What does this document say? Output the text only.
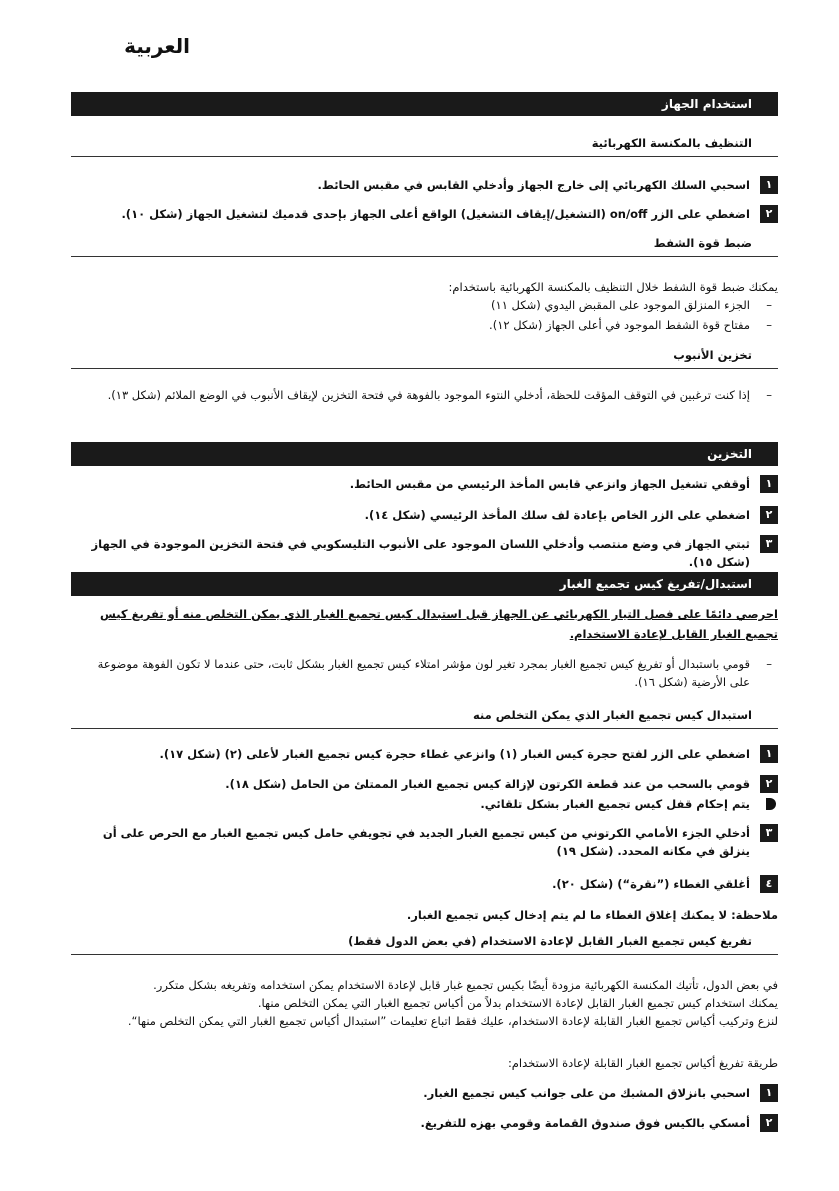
العربية
استخدام الجهاز
التنظيف بالمكنسة الكهربائية
١
اسحبي السلك الكهربائي إلى خارج الجهاز وأدخلي القابس في مقبس الحائط.
٢
اضغطي على الزر on/off (التشغيل/إيقاف التشغيل) الواقع أعلى الجهاز بإحدى قدميك لتشغيل الجهاز (شكل ١٠).
ضبط قوة الشفط
يمكنك ضبط قوة الشفط خلال التنظيف بالمكنسة الكهربائية باستخدام:
–
الجزء المنزلق الموجود على المقبض اليدوي (شكل ١١)
–
مفتاح قوة الشفط الموجود في أعلى الجهاز (شكل ١٢).
تخزين الأنبوب
–
إذا كنت ترغبين في التوقف المؤقت للحظة، أدخلي النتوء الموجود بالفوهة في فتحة التخزين لإيقاف الأنبوب في الوضع الملائم (شكل ١٣).
التخزين
١
أوقفي تشغيل الجهاز وانزعي قابس المأخذ الرئيسي من مقبس الحائط.
٢
اضغطي على الزر الخاص بإعادة لف سلك المأخذ الرئيسي (شكل ١٤).
٣
ثبتي الجهاز في وضع منتصب وأدخلي اللسان الموجود على الأنبوب التليسكوبي في فتحة التخزين الموجودة في الجهاز (شكل ١٥).
استبدال/تفريغ كيس تجميع الغبار
احرصي دائمًا على فصل التيار الكهربائي عن الجهاز قبل استبدال كيس تجميع الغبار الذي يمكن التخلص منه أو تفريغ كيس تجميع الغبار القابل لإعادة الاستخدام.
–
قومي باستبدال أو تفريغ كيس تجميع الغبار بمجرد تغير لون مؤشر امتلاء كيس تجميع الغبار بشكل ثابت، حتى عندما لا تكون الفوهة موضوعة على الأرضية (شكل ١٦).
استبدال كيس تجميع الغبار الذي يمكن التخلص منه
١
اضغطي على الزر لفتح حجرة كيس الغبار (١) وانزعي غطاء حجرة كيس تجميع الغبار لأعلى (٢) (شكل ١٧).
٢
قومي بالسحب من عند قطعة الكرتون لإزالة كيس تجميع الغبار الممتلئ من الحامل (شكل ١٨).
يتم إحكام قفل كيس تجميع الغبار بشكل تلقائي.
٣
أدخلي الجزء الأمامي الكرتوني من كيس تجميع الغبار الجديد في تجويفي حامل كيس تجميع الغبار مع الحرص على أن ينزلق في مكانه المحدد. (شكل ١٩)
٤
أغلقي الغطاء (”نقرة“) (شكل ٢٠).
ملاحظة: لا يمكنك إغلاق الغطاء ما لم يتم إدخال كيس تجميع الغبار.
تفريغ كيس تجميع الغبار القابل لإعادة الاستخدام (في بعض الدول فقط)
في بعض الدول، تأتيك المكنسة الكهربائية مزودة أيضًا بكيس تجميع غبار قابل لإعادة الاستخدام يمكن استخدامه وتفريغه بشكل متكرر.
يمكنك استخدام كيس تجميع الغبار القابل لإعادة الاستخدام بدلاً من أكياس تجميع الغبار التي يمكن التخلص منها.
لنزع وتركيب أكياس تجميع الغبار القابلة لإعادة الاستخدام، عليك فقط اتباع تعليمات ”استبدال أكياس تجميع الغبار التي يمكن التخلص منها“.
طريقة تفريغ أكياس تجميع الغبار القابلة لإعادة الاستخدام:
١
اسحبي بانزلاق المشبك من على جوانب كيس تجميع الغبار.
٢
أمسكي بالكيس فوق صندوق القمامة وقومي بهزه للتفريغ.
